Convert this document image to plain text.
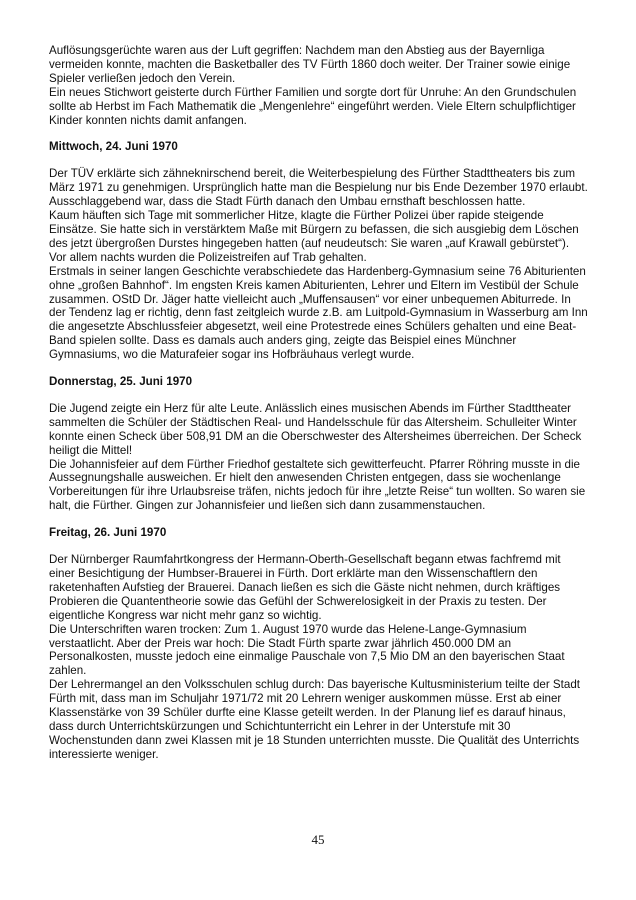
Auflösungsgerüchte waren aus der Luft gegriffen: Nachdem man den Abstieg aus der Bayernliga vermeiden konnte, machten die Basketballer des TV Fürth 1860 doch weiter. Der Trainer sowie einige Spieler verließen jedoch den Verein.

Ein neues Stichwort geisterte durch Fürther Familien und sorgte dort für Unruhe: An den Grundschulen sollte ab Herbst im Fach Mathematik die „Mengenlehre“ eingeführt werden. Viele Eltern schulpflichtiger Kinder konnten nichts damit anfangen.

Mittwoch, 24. Juni 1970

Der TÜV erklärte sich zähneknirschend bereit, die Weiterbespielung des Fürther Stadttheaters bis zum März 1971 zu genehmigen. Ursprünglich hatte man die Bespielung nur bis Ende Dezember 1970 erlaubt. Ausschlaggebend war, dass die Stadt Fürth danach den Umbau ernsthaft beschlossen hatte.

Kaum häuften sich Tage mit sommerlicher Hitze, klagte die Fürther Polizei über rapide steigende Einsätze. Sie hatte sich in verstärktem Maße mit Bürgern zu befassen, die sich ausgiebig dem Löschen des jetzt übergroßen Durstes hingegeben hatten (auf neudeutsch: Sie waren „auf Krawall gebürstet“). Vor allem nachts wurden die Polizeistreifen auf Trab gehalten.

Erstmals in seiner langen Geschichte verabschiedete das Hardenberg-Gymnasium seine 76 Abiturienten ohne „großen Bahnhof“. Im engsten Kreis kamen Abiturienten, Lehrer und Eltern im Vestibül der Schule zusammen. OStD Dr. Jäger hatte vielleicht auch „Muffensausen“ vor einer unbequemen Abiturrede. In der Tendenz lag er richtig, denn fast zeitgleich wurde z.B. am Luitpold-Gymnasium in Wasserburg am Inn die angesetzte Abschlussfeier abgesetzt, weil eine Protestrede eines Schülers gehalten und eine Beat-Band spielen sollte. Dass es damals auch anders ging, zeigte das Beispiel eines Münchner Gymnasiums, wo die Maturafeier sogar ins Hofbräuhaus verlegt wurde.

Donnerstag, 25. Juni 1970

Die Jugend zeigte ein Herz für alte Leute. Anlässlich eines musischen Abends im Fürther Stadttheater sammelten die Schüler der Städtischen Real- und Handelsschule für das Altersheim. Schulleiter Winter konnte einen Scheck über 508,91 DM an die Oberschwester des Altersheimes überreichen. Der Scheck heiligt die Mittel!

Die Johannisfeier auf dem Fürther Friedhof gestaltete sich gewitterfeucht. Pfarrer Röhring musste in die Aussegnungshalle ausweichen. Er hielt den anwesenden Christen entgegen, dass sie wochenlange Vorbereitungen für ihre Urlaubsreise träfen, nichts jedoch für ihre „letzte Reise“ tun wollten. So waren sie halt, die Fürther. Gingen zur Johannisfeier und ließen sich dann zusammenstauchen.

Freitag, 26. Juni 1970

Der Nürnberger Raumfahrtkongress der Hermann-Oberth-Gesellschaft begann etwas fachfremd mit einer Besichtigung der Humbser-Brauerei in Fürth. Dort erklärte man den Wissenschaftlern den raketenhaften Aufstieg der Brauerei. Danach ließen es sich die Gäste nicht nehmen, durch kräftiges Probieren die Quantentheorie sowie das Gefühl der Schwerelosigkeit in der Praxis zu testen. Der eigentliche Kongress war nicht mehr ganz so wichtig.

Die Unterschriften waren trocken: Zum 1. August 1970 wurde das Helene-Lange-Gymnasium verstaatlicht. Aber der Preis war hoch: Die Stadt Fürth sparte zwar jährlich 450.000 DM an Personalkosten, musste jedoch eine einmalige Pauschale von 7,5 Mio DM an den bayerischen Staat zahlen.

Der Lehrermangel an den Volksschulen schlug durch: Das bayerische Kultusministerium teilte der Stadt Fürth mit, dass man im Schuljahr 1971/72 mit 20 Lehrern weniger auskommen müsse. Erst ab einer Klassenstärke von 39 Schüler durfte eine Klasse geteilt werden. In der Planung lief es darauf hinaus, dass durch Unterrichtskürzungen und Schichtunterricht ein Lehrer in der Unterstufe mit 30 Wochenstunden dann zwei Klassen mit je 18 Stunden unterrichten musste. Die Qualität des Unterrichts interessierte weniger.

45
